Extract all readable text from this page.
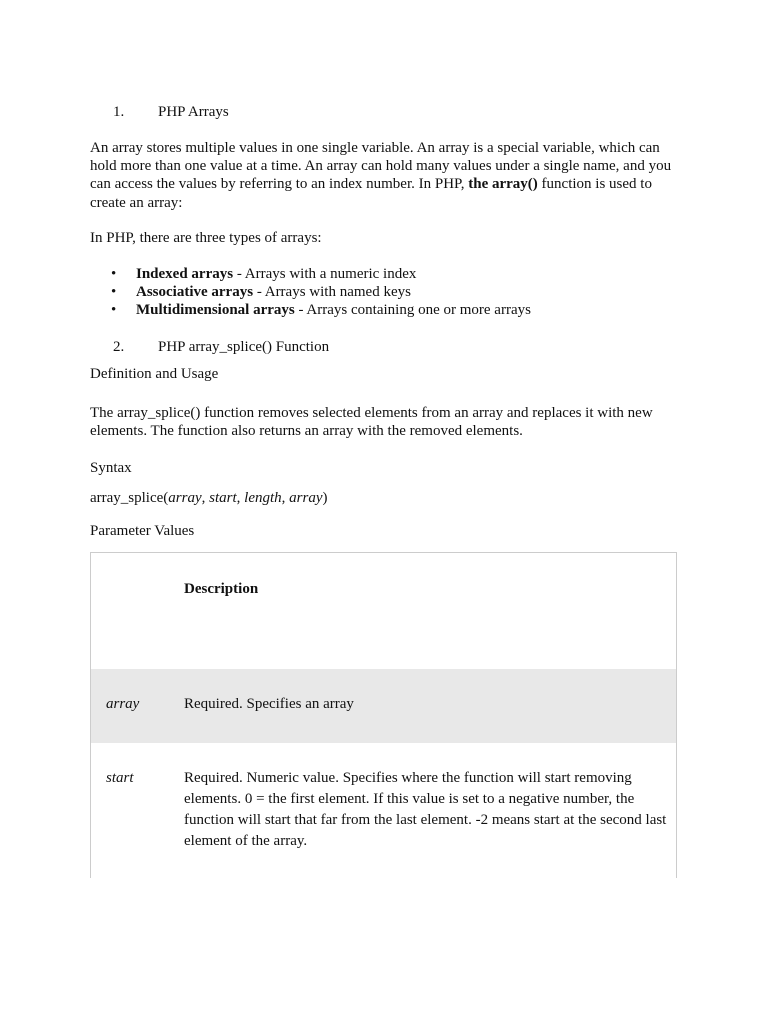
1. PHP Arrays

An array stores multiple values in one single variable. An array is a special variable, which can hold more than one value at a time. An array can hold many values under a single name, and you can access the values by referring to an index number. In PHP, the array() function is used to create an array:

In PHP, there are three types of arrays:

• Indexed arrays - Arrays with a numeric index
• Associative arrays - Arrays with named keys
• Multidimensional arrays - Arrays containing one or more arrays
2. PHP array_splice() Function
Definition and Usage

The array_splice() function removes selected elements from an array and replaces it with new elements. The function also returns an array with the removed elements.

Syntax
array_splice(array, start, length, array)
Parameter Values
Description
array	Required. Specifies an array
start	Required. Numeric value. Specifies where the function will start removing elements. 0 = the first element. If this value is set to a negative number, the function will start that far from the last element. -2 means start at the second last element of the array.
